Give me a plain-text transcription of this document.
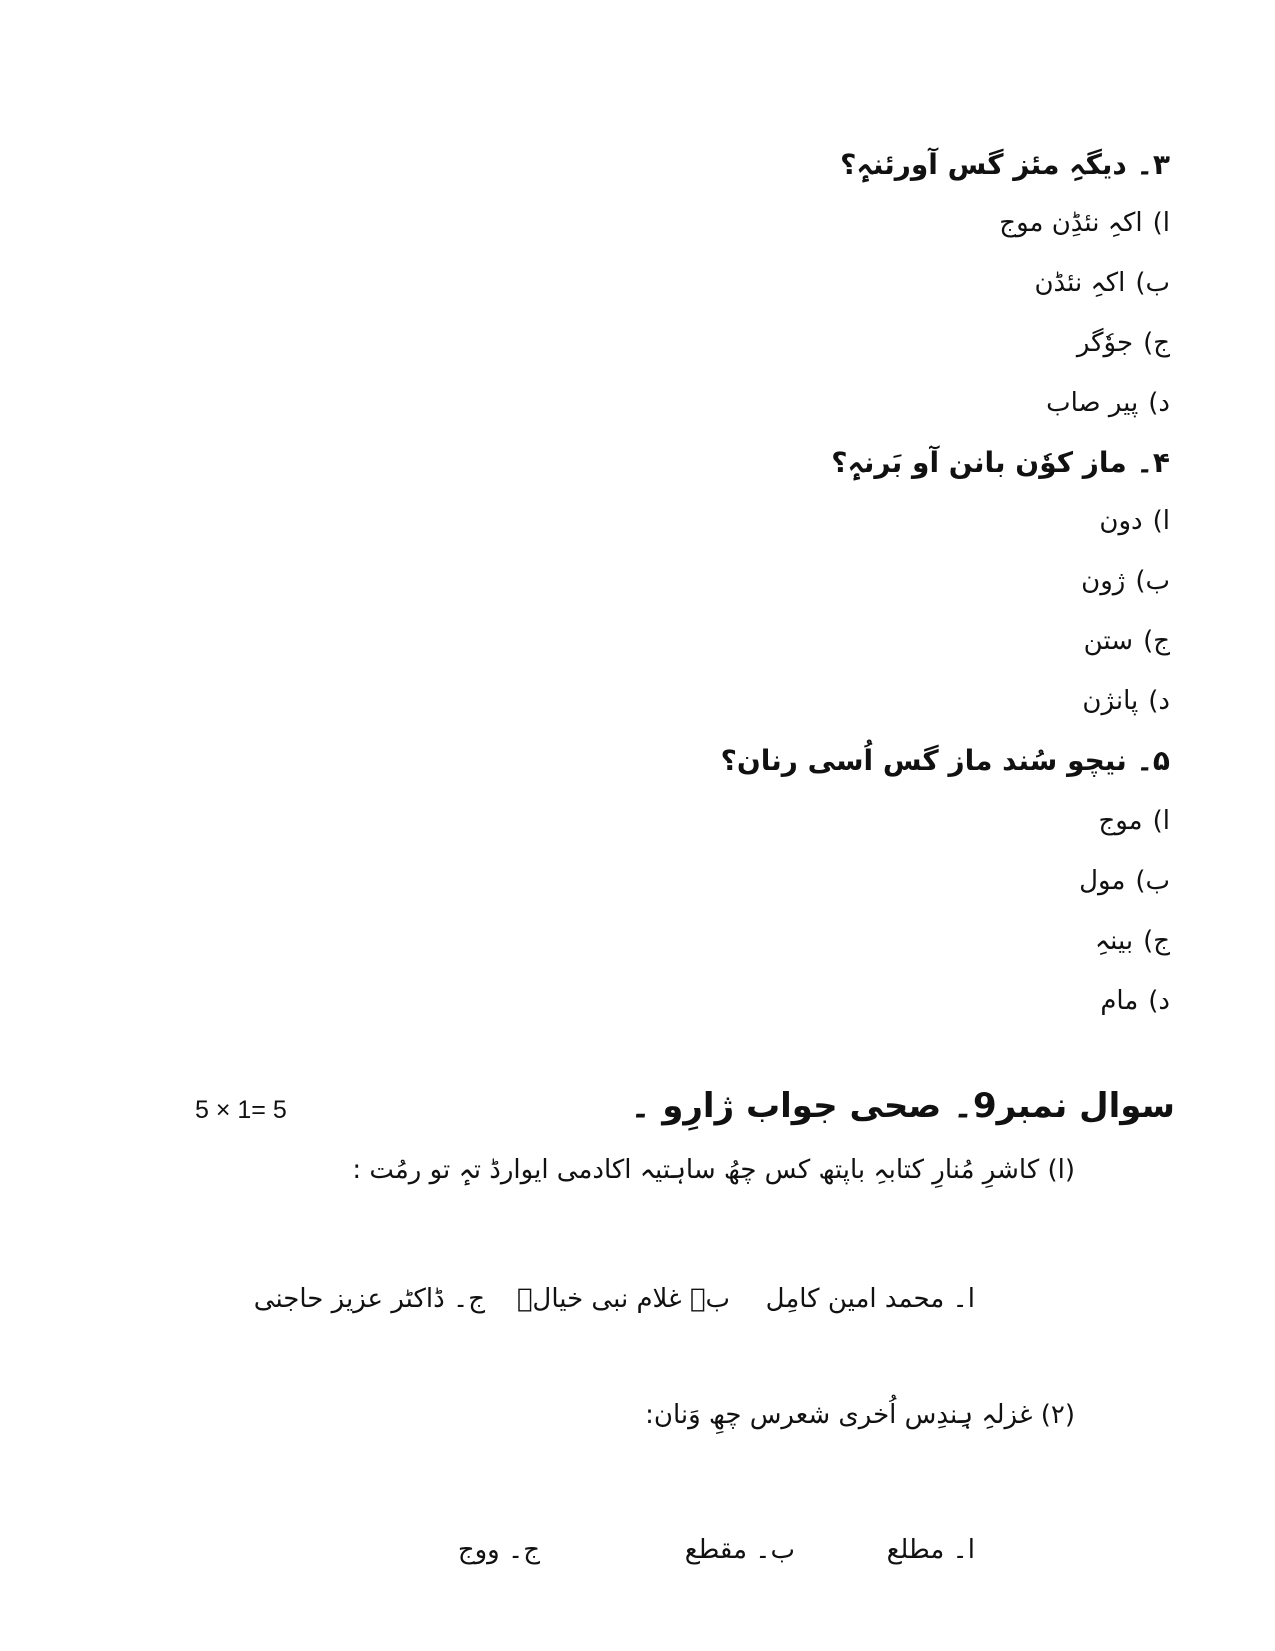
۳۔ دیگہِ مئز گس آورئنہٕ؟
ا)اکہِ نئڈِن موج
ب)اکہِ نئڈن
ج)جوٗگر
د)پیر صاب
۴۔ ماز کوٗن بانن آو بَرنہٕ؟
ا)دون
ب)ژون
ج)ستن
د)پانژن
۵۔ نیچو سُند ماز گس اُسی رنان؟
ا)موج
ب)مول
ج)بینہِ
د)مام
سوال نمبر9۔ صحی جواب ژارِو ۔
5 × 1= 5
(ا) کاشرِ مُنارِ کتابہِ باپتھ کس چھُ ساہتیہ اکادمی ایوارڈ تہٕ تو رمُت :
ا۔ محمد امین کامِل
ب۔ غلام نبی خیالؔ
ج۔ ڈاکٹر عزیز حاجنی
(۲) غزلہِ ہِندِس اُخری شعرس چھِ وَنان:
ا۔ مطلع
ب۔ مقطع
ج۔ ووج
